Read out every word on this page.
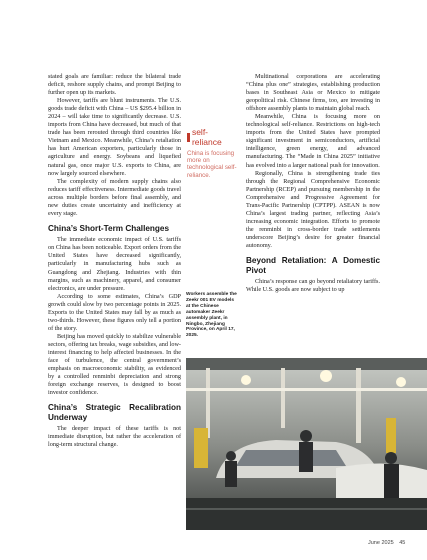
stated goals are familiar: reduce the bilateral trade deficit, reshore supply chains, and prompt Beijing to further open up its markets.

However, tariffs are blunt instruments. The U.S. goods trade deficit with China – US $295.4 billion in 2024 – will take time to significantly decrease. U.S. imports from China have decreased, but much of that trade has been rerouted through third countries like Vietnam and Mexico. Meanwhile, China’s retaliation has hurt American exporters, particularly those in agriculture and energy. Soybeans and liquefied natural gas, once major U.S. exports to China, are now largely sourced elsewhere.

The complexity of modern supply chains also reduces tariff effectiveness. Intermediate goods travel across multiple borders before final assembly, and new duties create uncertainty and inefficiency at every stage.

China’s Short-Term Challenges

The immediate economic impact of U.S. tariffs on China has been noticeable. Export orders from the United States have decreased significantly, particularly in manufacturing hubs such as Guangdong and Zhejiang. Industries with thin margins, such as machinery, apparel, and consumer electronics, are under pressure.

According to some estimates, China’s GDP growth could slow by two percentage points in 2025. Exports to the United States may fall by as much as two-thirds. However, these figures only tell a portion of the story.

Beijing has moved quickly to stabilize vulnerable sectors, offering tax breaks, wage subsidies, and low-interest financing to help affected businesses. In the face of turbulence, the central government’s emphasis on macroeconomic stability, as evidenced by a controlled renminbi depreciation and strong foreign exchange reserves, is designed to boost investor confidence.

China’s Strategic Recalibration Underway

The deeper impact of these tariffs is not immediate disruption, but rather the acceleration of long-term structural change.

Multinational corporations are accelerating “China plus one” strategies, establishing production bases in Southeast Asia or Mexico to mitigate geopolitical risk. Chinese firms, too, are investing in offshore assembly plants to maintain global reach.

Meanwhile, China is focusing more on technological self-reliance. Restrictions on high-tech imports from the United States have prompted significant investment in semiconductors, artificial intelligence, green energy, and advanced manufacturing. The “Made in China 2025” initiative has evolved into a larger national push for innovation.

Regionally, China is strengthening trade ties through the Regional Comprehensive Economic Partnership (RCEP) and pursuing membership in the Comprehensive and Progressive Agreement for Trans-Pacific Partnership (CPTPP). ASEAN is now China’s largest trading partner, reflecting Asia’s increasing economic integration. Efforts to promote the renminbi in cross-border trade settlements underscore Beijing’s desire for greater financial autonomy.

Beyond Retaliation: A Domestic Pivot

China’s response can go beyond retaliatory tariffs. While U.S. goods are now subject to up

self-reliance
China is focusing more on technological self-reliance.
Workers assemble the Zeekr 001 EV models at the Chinese automaker Zeekr assembly plant, in Ningbo, Zhejiang Province, on April 17, 2025.
June 2025 45
